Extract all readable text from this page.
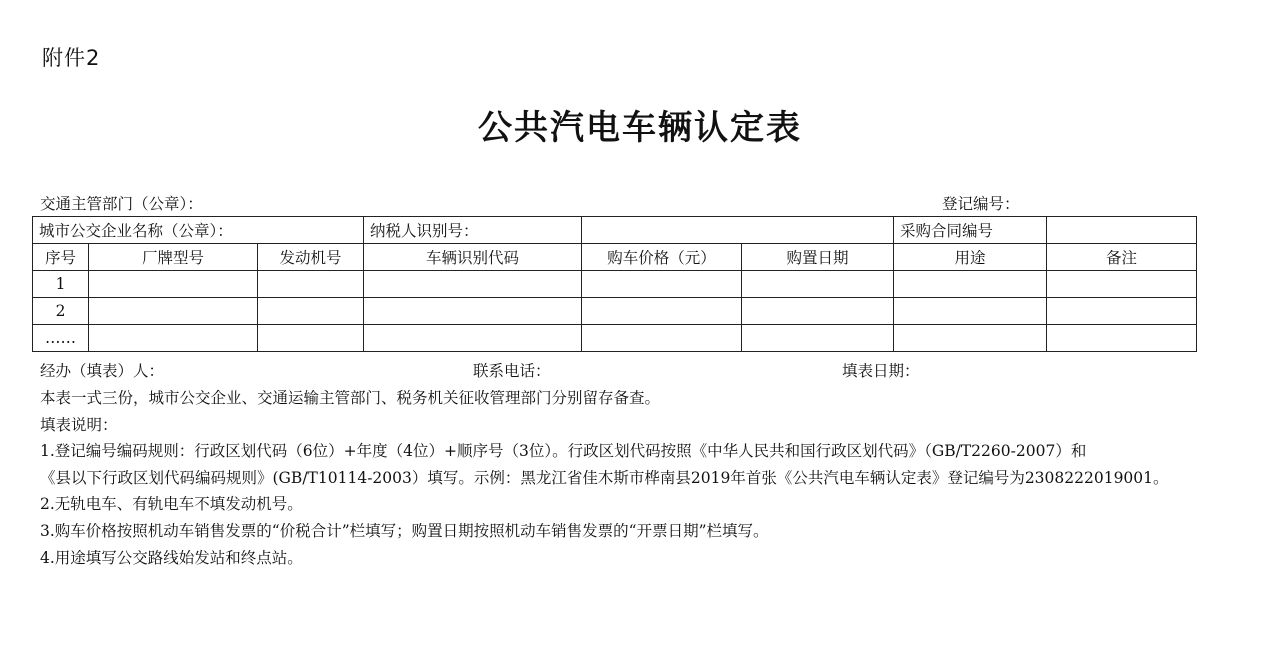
附件2
公共汽电车辆认定表
交通主管部门（公章）：	登记编号：
城市公交企业名称（公章）：			纳税人识别号：			采购合同编号	
序号	厂牌型号	发动机号	车辆识别代码	购车价格（元）	购置日期	用途	备注
1							
2							
……							
经办（填表）人：	联系电话：	填表日期：
本表一式三份，城市公交企业、交通运输主管部门、税务机关征收管理部门分别留存备查。
填表说明：
1.登记编号编码规则：行政区划代码（6位）+年度（4位）+顺序号（3位）。行政区划代码按照《中华人民共和国行政区划代码》（GB/T2260-2007）和
《县以下行政区划代码编码规则》(GB/T10114-2003）填写。示例：黑龙江省佳木斯市桦南县2019年首张《公共汽电车辆认定表》登记编号为2308222019001。
2.无轨电车、有轨电车不填发动机号。
3.购车价格按照机动车销售发票的“价税合计”栏填写；购置日期按照机动车销售发票的“开票日期”栏填写。
4.用途填写公交路线始发站和终点站。
